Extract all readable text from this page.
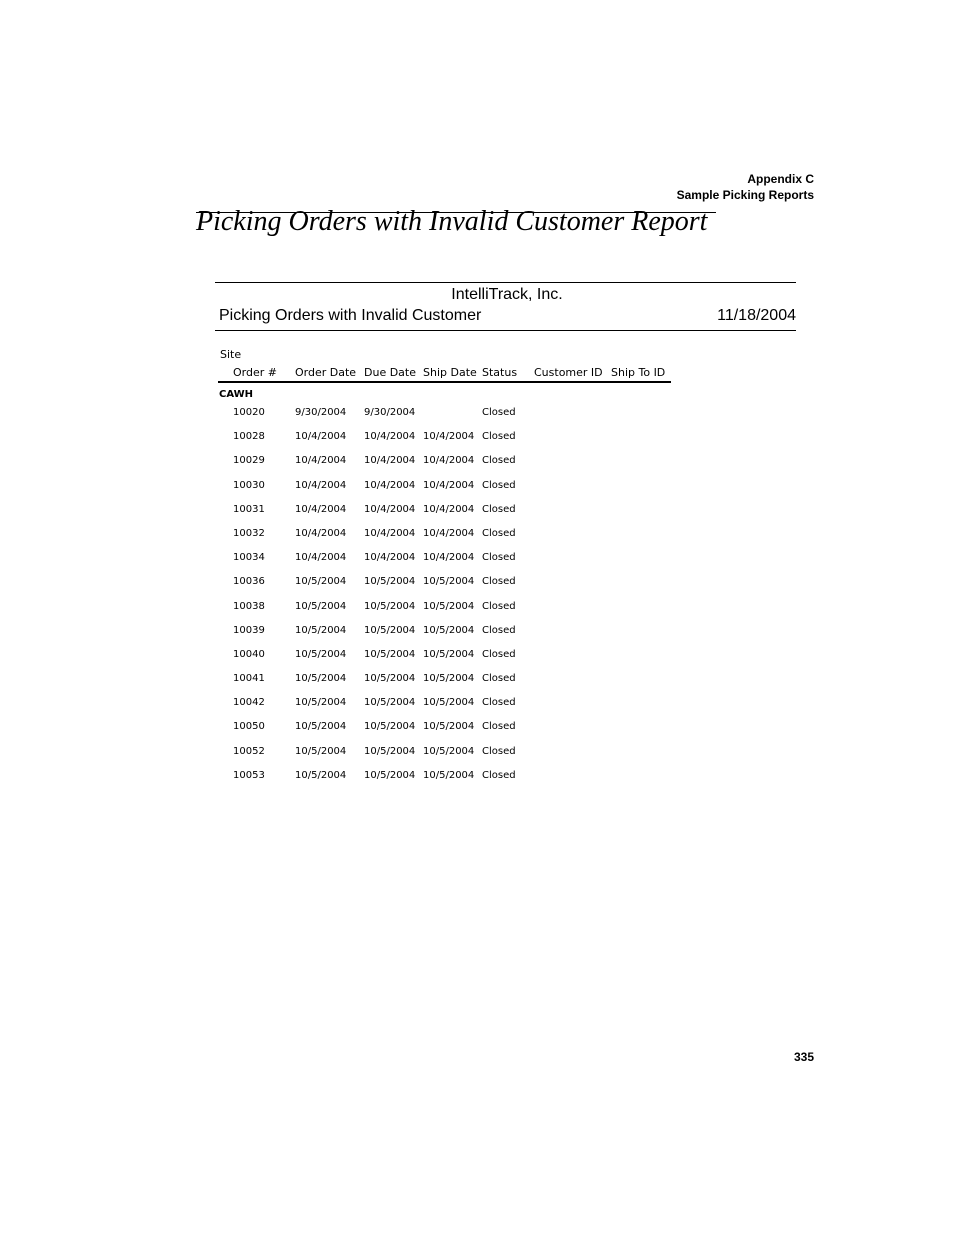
Appendix C
Sample Picking Reports
Picking Orders with Invalid Customer Report
IntelliTrack, Inc.
Picking Orders with Invalid Customer	11/18/2004
Site
Order # Order Date Due Date Ship Date Status Customer ID Ship To ID
CAWH
10020	9/30/2004 9/30/2004	Closed
10028	10/4/2004 10/4/2004 10/4/2004 Closed
10029	10/4/2004 10/4/2004 10/4/2004 Closed
10030	10/4/2004 10/4/2004 10/4/2004 Closed
10031	10/4/2004 10/4/2004 10/4/2004 Closed
10032	10/4/2004 10/4/2004 10/4/2004 Closed
10034	10/4/2004 10/4/2004 10/4/2004 Closed
10036	10/5/2004 10/5/2004 10/5/2004 Closed
10038	10/5/2004 10/5/2004 10/5/2004 Closed
10039	10/5/2004 10/5/2004 10/5/2004 Closed
10040	10/5/2004 10/5/2004 10/5/2004 Closed
10041	10/5/2004 10/5/2004 10/5/2004 Closed
10042	10/5/2004 10/5/2004 10/5/2004 Closed
10050	10/5/2004 10/5/2004 10/5/2004 Closed
10052	10/5/2004 10/5/2004 10/5/2004 Closed
10053	10/5/2004 10/5/2004 10/5/2004 Closed
335
